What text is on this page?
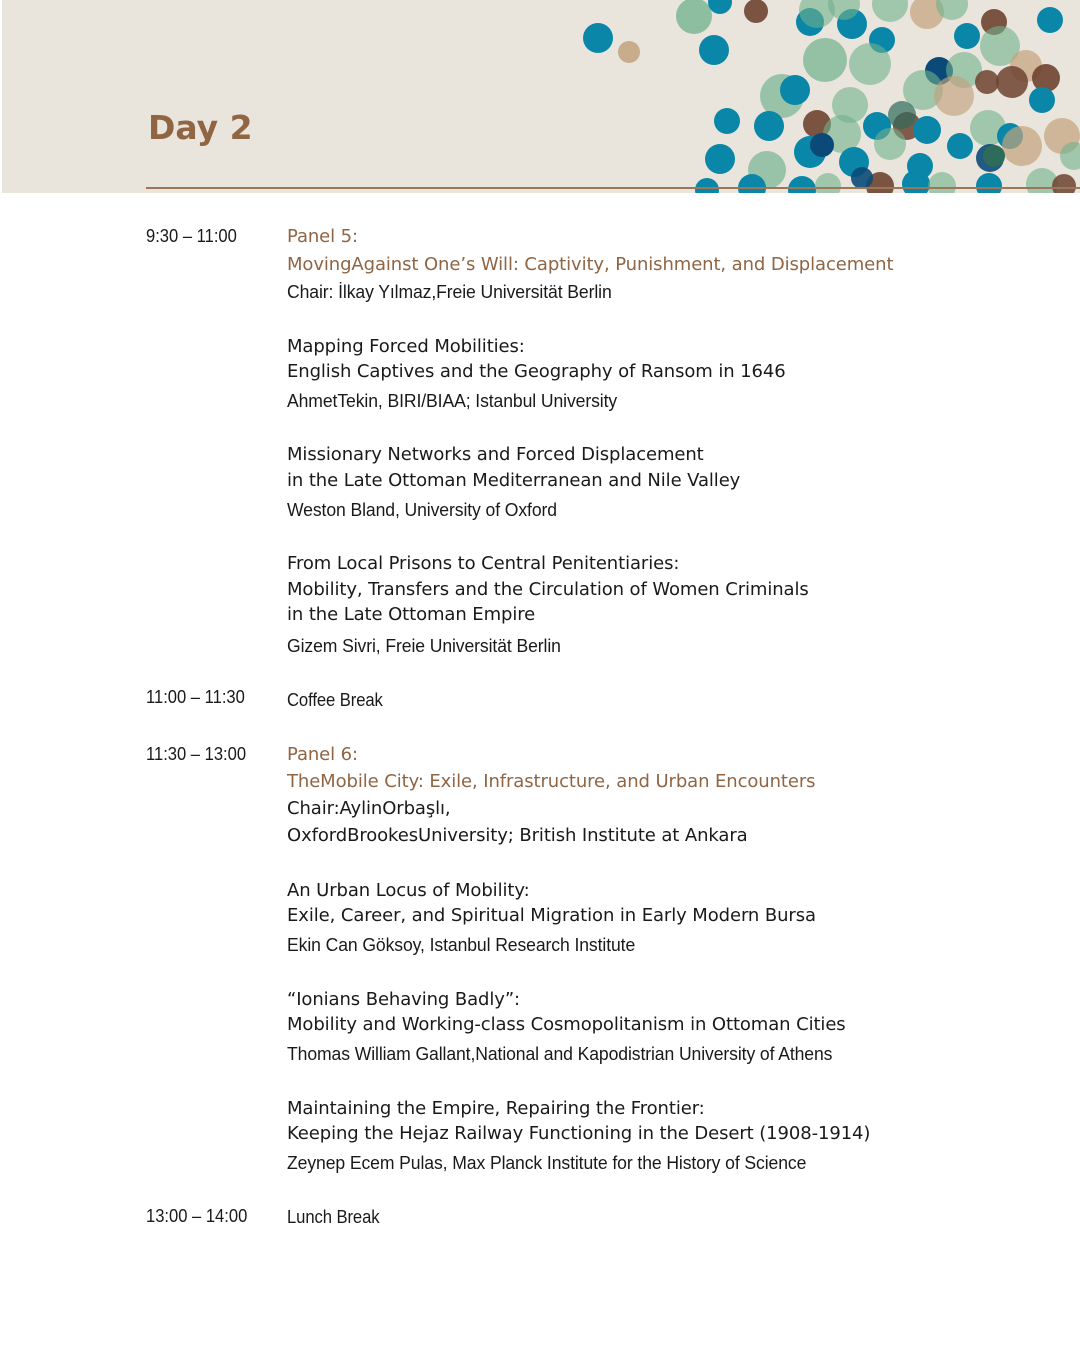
Day 2
9:30 – 11:00	Panel 5:
MovingAgainst One’s Will: Captivity, Punishment, and Displacement
Chair: İlkay Yılmaz,Freie Universität Berlin
Mapping Forced Mobilities:
English Captives and the Geography of Ransom in 1646
AhmetTekin, BIRI/BIAA; Istanbul University
Missionary Networks and Forced Displacement
in the Late Ottoman Mediterranean and Nile Valley
Weston Bland, University of Oxford
From Local Prisons to Central Penitentiaries:
Mobility, Transfers and the Circulation of Women Criminals
in the Late Ottoman Empire
Gizem Sivri, Freie Universität Berlin
11:00 – 11:30 Coffee Break
11:30 – 13:00 Panel 6:
TheMobile City: Exile, Infrastructure, and Urban Encounters
Chair:AylinOrbaşlı,
OxfordBrookesUniversity; British Institute at Ankara
An Urban Locus of Mobility:
Exile, Career, and Spiritual Migration in Early Modern Bursa
Ekin Can Göksoy, Istanbul Research Institute
“Ionians Behaving Badly”:
Mobility and Working-class Cosmopolitanism in Ottoman Cities
Thomas William Gallant,National and Kapodistrian University of Athens
Maintaining the Empire, Repairing the Frontier:
Keeping the Hejaz Railway Functioning in the Desert (1908-1914)
Zeynep Ecem Pulas, Max Planck Institute for the History of Science
13:00 – 14:00 Lunch Break
